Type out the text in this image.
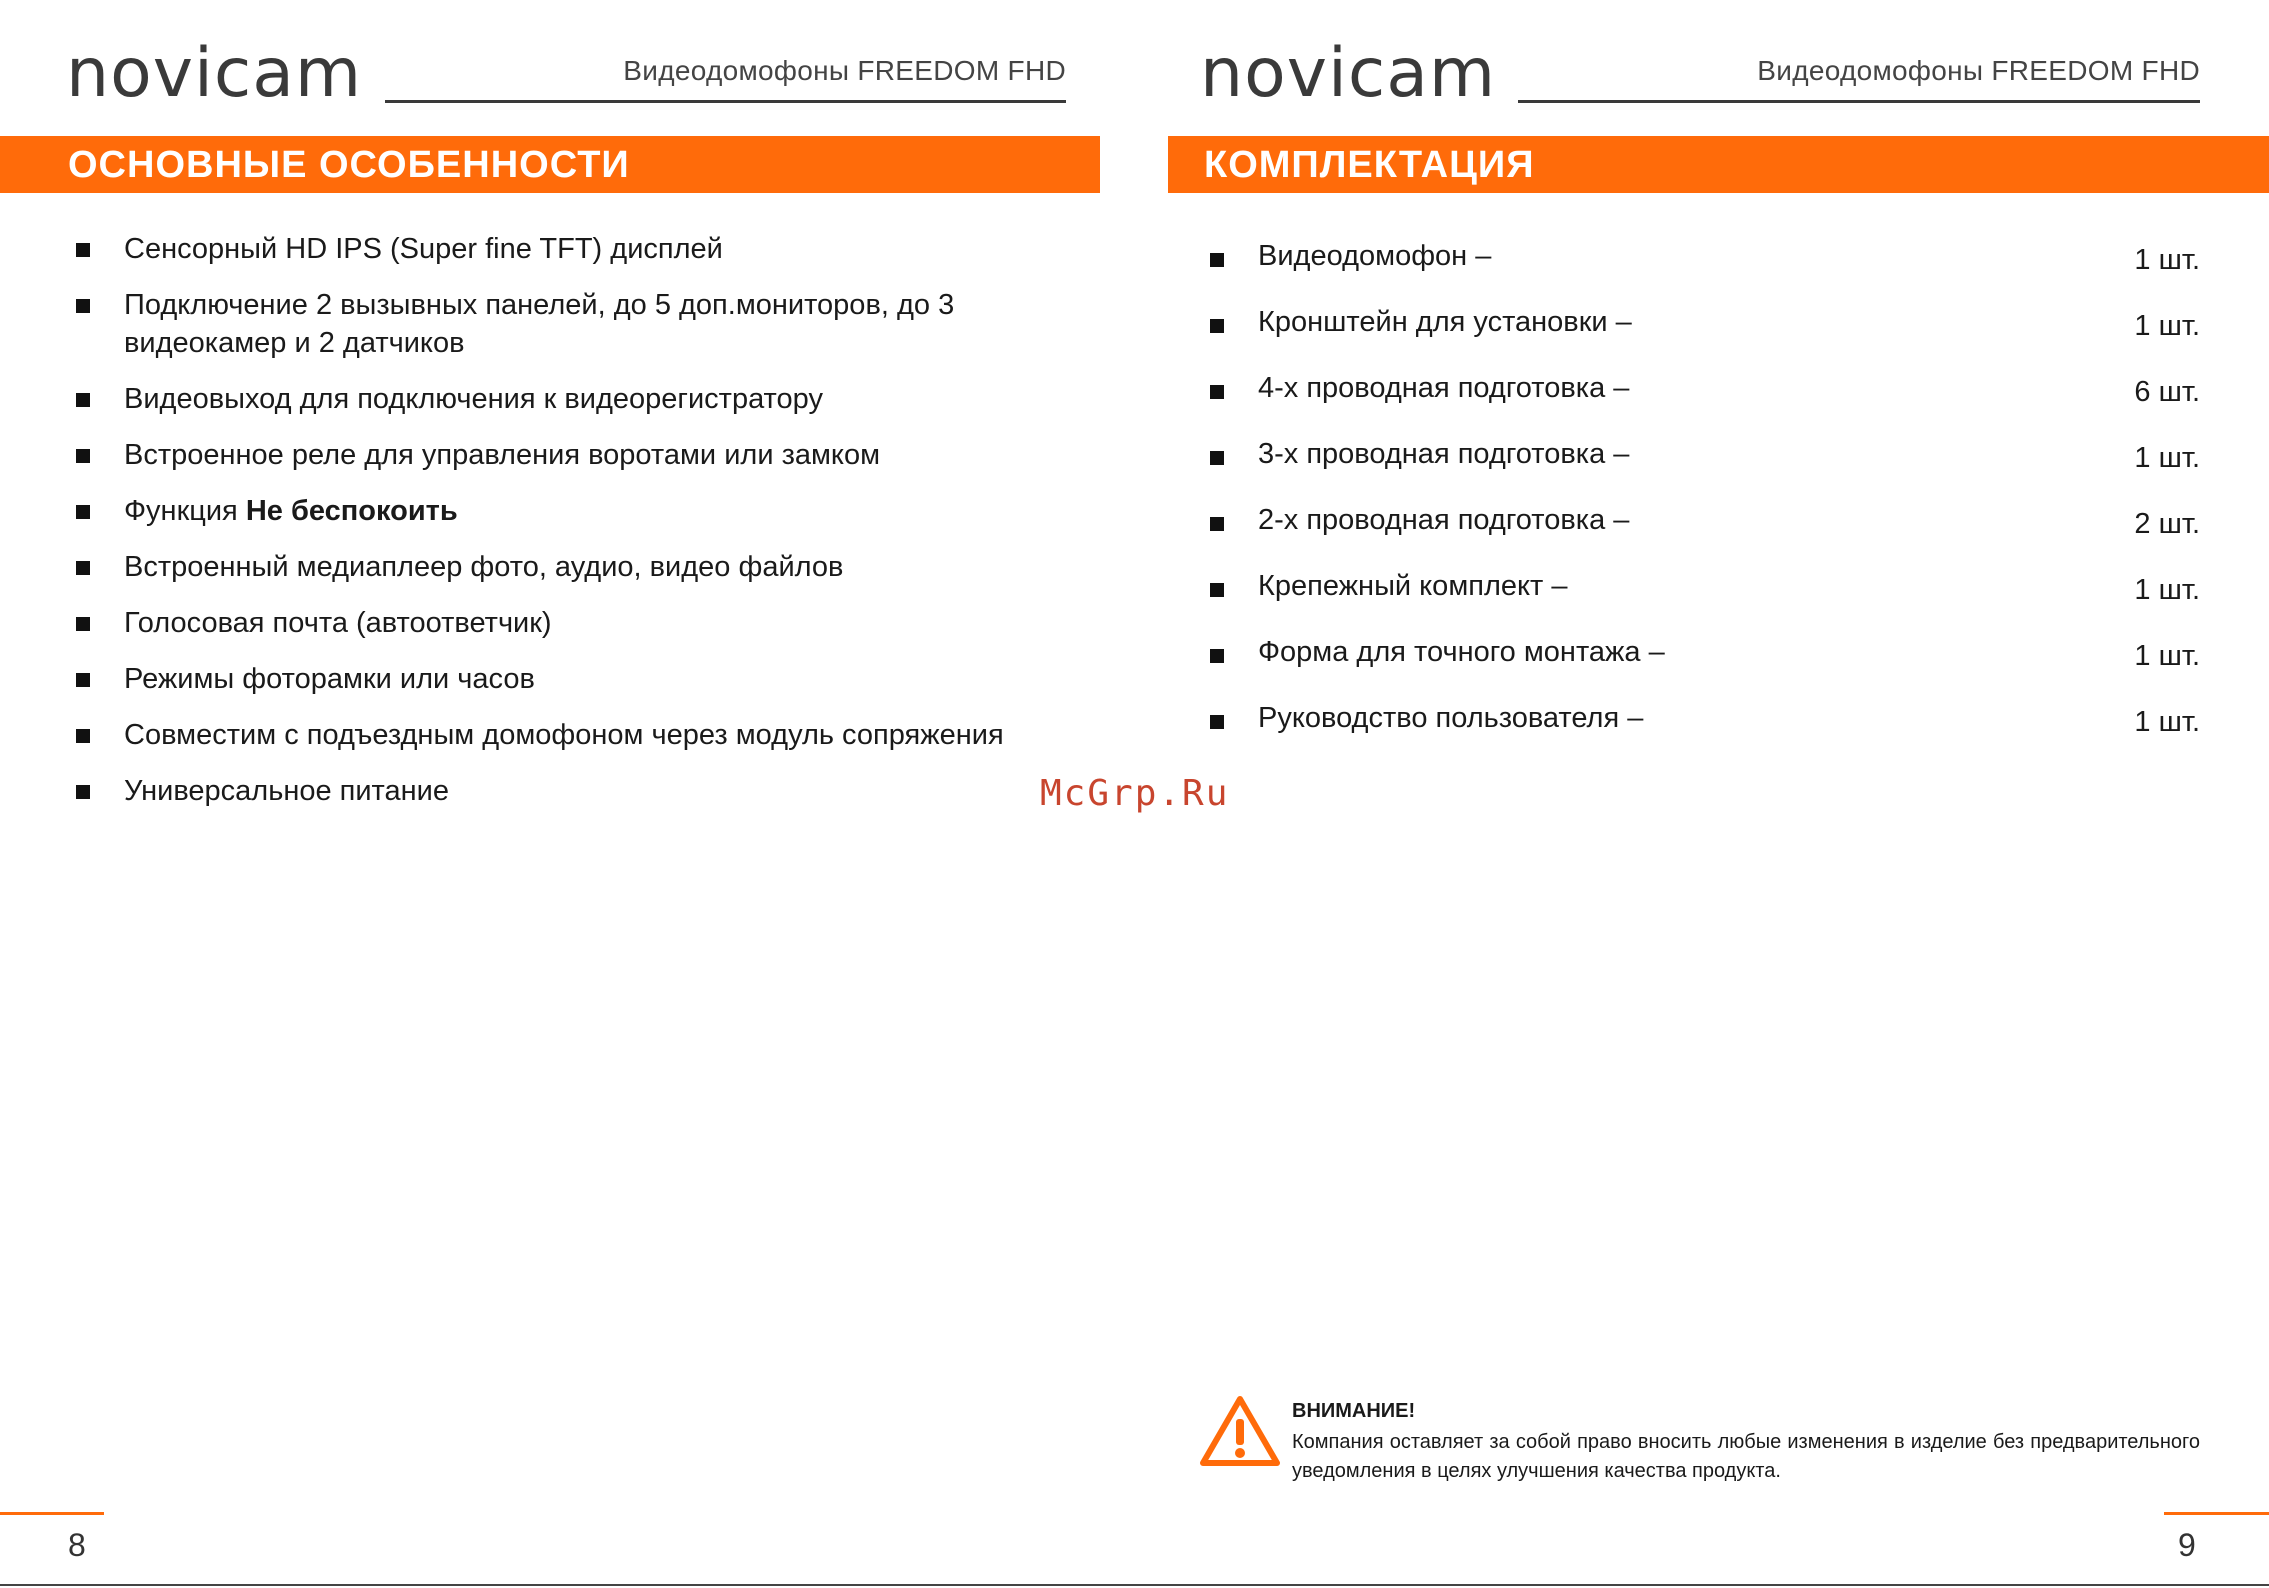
novicam	Видеодомофоны FREEDOM FHD
ОСНОВНЫЕ ОСОБЕННОСТИ
Сенсорный HD IPS (Super fine TFT) дисплей
Подключение 2 вызывных панелей, до 5 доп.мониторов, до 3 видеокамер и 2 датчиков
Видеовыход для подключения к видеорегистратору
Встроенное реле для управления воротами или замком
Функция Не беспокоить
Встроенный медиаплеер фото, аудио, видео файлов
Голосовая почта (автоответчик)
Режимы фоторамки или часов
Совместим с подъездным домофоном через модуль сопряжения
Универсальное питание
8
novicam	Видеодомофоны FREEDOM FHD
КОМПЛЕКТАЦИЯ
Видеодомофон –	1 шт.
Кронштейн для установки –	1 шт.
4-х проводная подготовка –	6 шт.
3-х проводная подготовка –	1 шт.
2-х проводная подготовка –	2 шт.
Крепежный комплект –	1 шт.
Форма для точного монтажа –	1 шт.
Руководство пользователя –	1 шт.
9
McGrp.Ru
ВНИМАНИЕ!
Компания оставляет за собой право вносить любые изменения в изделие без предварительного уведомления в целях улучшения качества продукта.
